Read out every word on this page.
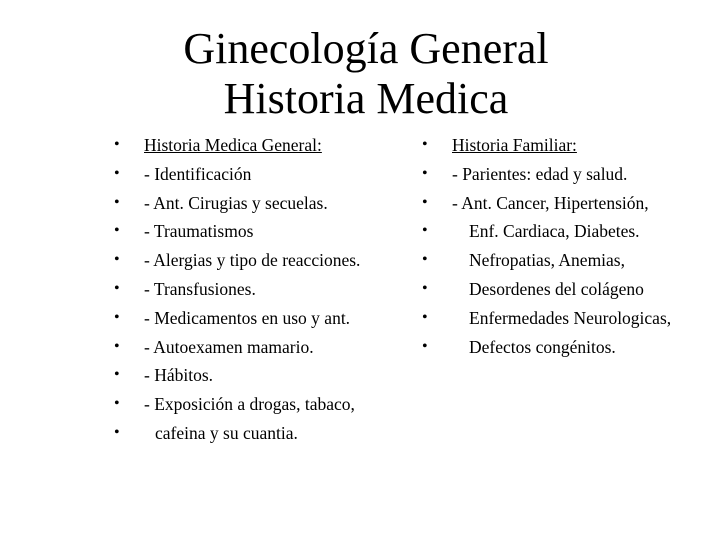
Ginecología General
Historia Medica
• Historia Medica General:
• - Identificación
• - Ant. Cirugias y secuelas.
• - Traumatismos
• - Alergias y tipo de reacciones.
• - Transfusiones.
• - Medicamentos en uso y ant.
• - Autoexamen mamario.
• - Hábitos.
• - Exposición a drogas, tabaco,
•	cafeina y su cuantia.
• Historia Familiar:
• - Parientes: edad y salud.
• - Ant. Cancer, Hipertensión,
•	Enf. Cardiaca, Diabetes.
•	Nefropatias, Anemias,
•	Desordenes del colágeno
•	Enfermedades Neurologicas,
•	Defectos congénitos.
